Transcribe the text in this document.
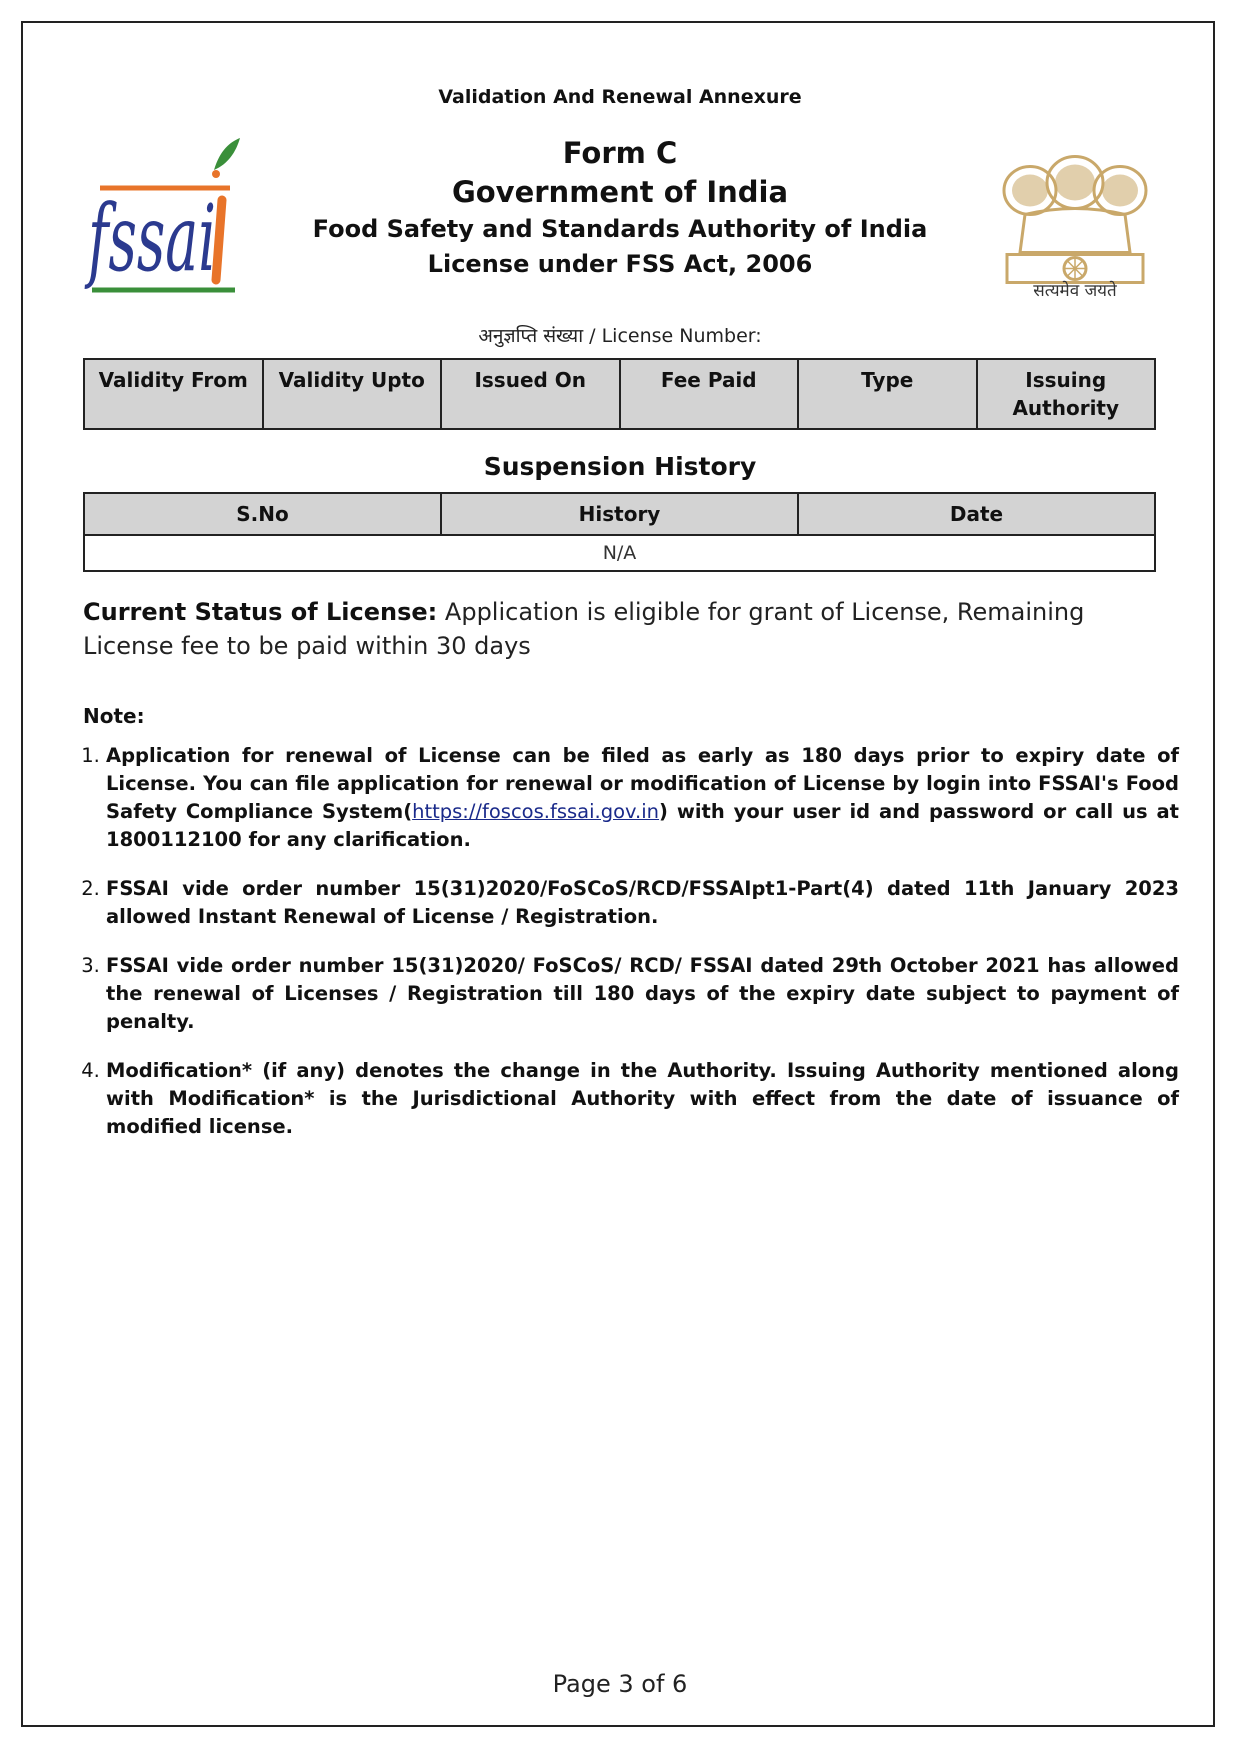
Validation And Renewal Annexure
fssai	सत्यमेव जयते
Form C
Government of India
Food Safety and Standards Authority of India
License under FSS Act, 2006
अनुज्ञप्ति संख्या / License Number:
Validity From	Validity Upto	Issued On	Fee Paid	Type	Issuing Authority
Suspension History
S.No	History	Date
N/A
Current Status of License: Application is eligible for grant of License, Remaining License fee to be paid within 30 days
Note:
1. Application for renewal of License can be filed as early as 180 days prior to expiry date of License. You can file application for renewal or modification of License by login into FSSAI's Food Safety Compliance System(https://foscos.fssai.gov.in) with your user id and password or call us at 1800112100 for any clarification.
2. FSSAI vide order number 15(31)2020/FoSCoS/RCD/FSSAIpt1-Part(4) dated 11th January 2023 allowed Instant Renewal of License / Registration.
3. FSSAI vide order number 15(31)2020/ FoSCoS/ RCD/ FSSAI dated 29th October 2021 has allowed the renewal of Licenses / Registration till 180 days of the expiry date subject to payment of penalty.
4. Modification* (if any) denotes the change in the Authority. Issuing Authority mentioned along with Modification* is the Jurisdictional Authority with effect from the date of issuance of modified license.
Page 3 of 6
